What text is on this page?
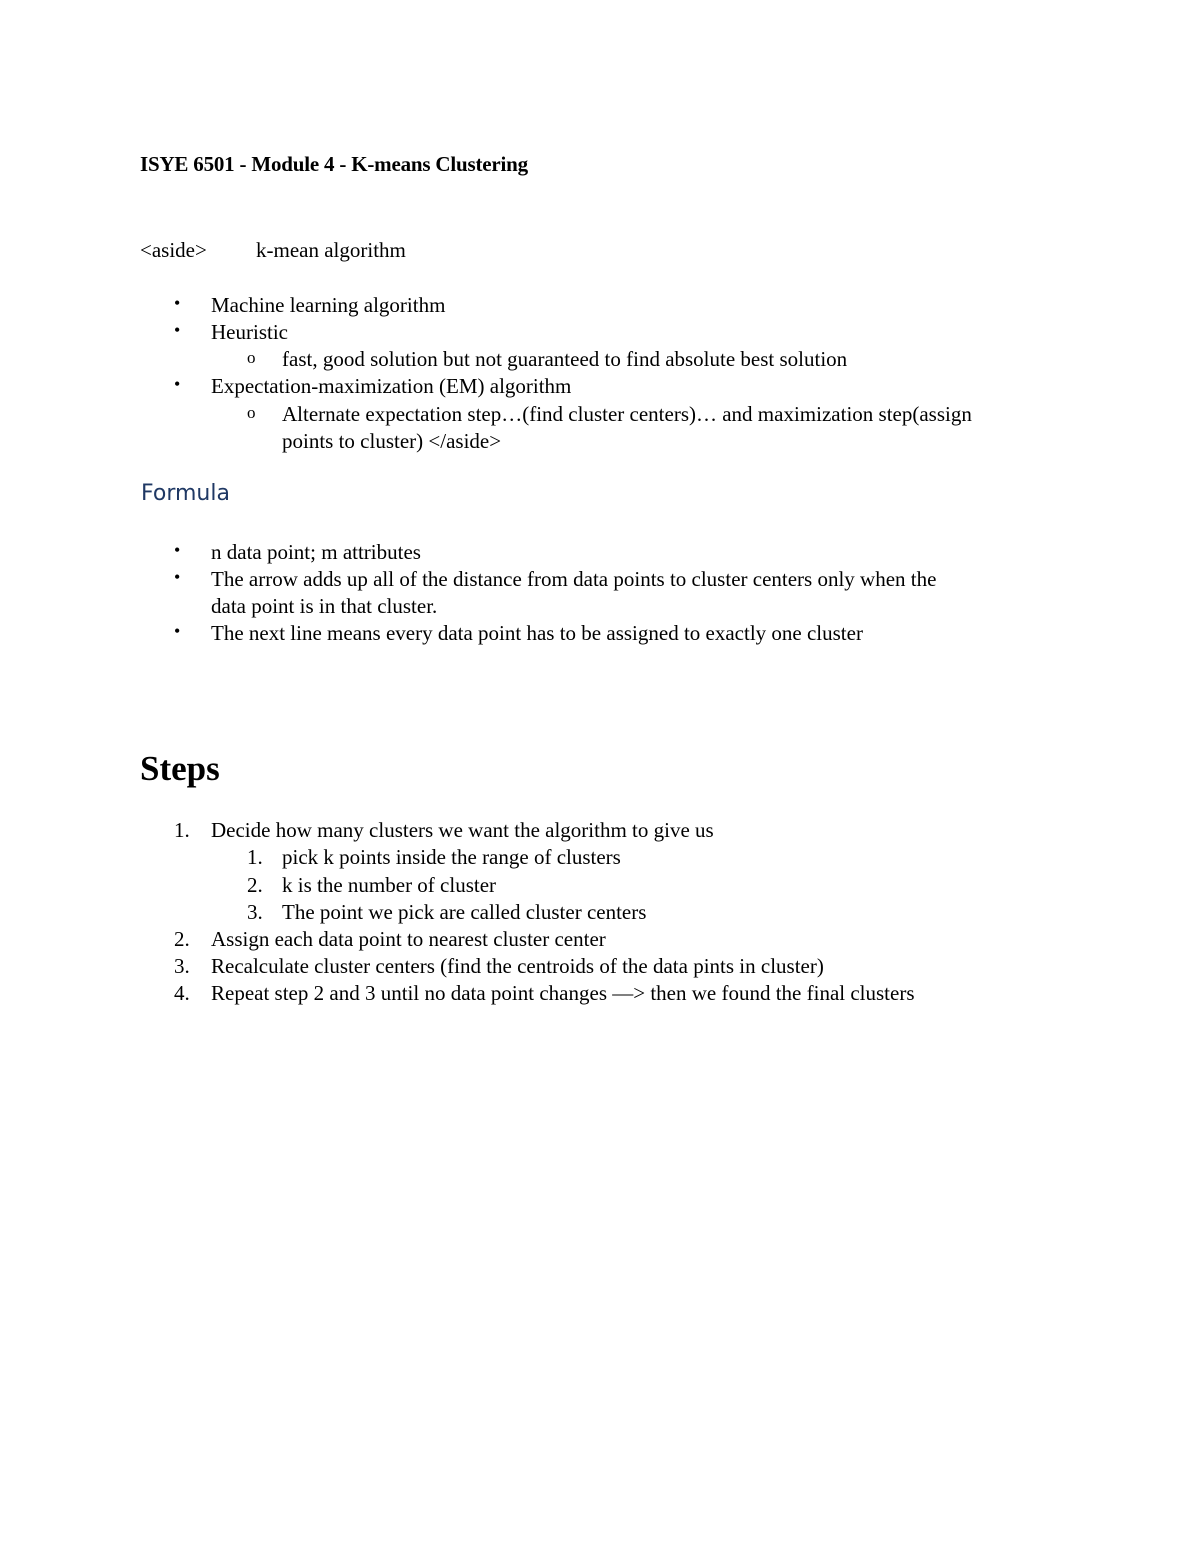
ISYE 6501 - Module 4 - K-means Clustering
<aside> k-mean algorithm
• Machine learning algorithm
• Heuristic
o fast, good solution but not guaranteed to find absolute best solution
• Expectation-maximization (EM) algorithm
o Alternate expectation step…(find cluster centers)… and maximization step(assign
points to cluster) </aside>
Formula
• n data point; m attributes
• The arrow adds up all of the distance from data points to cluster centers only when the
data point is in that cluster.
• The next line means every data point has to be assigned to exactly one cluster
Steps
1. Decide how many clusters we want the algorithm to give us
1. pick k points inside the range of clusters
2. k is the number of cluster
3. The point we pick are called cluster centers
2. Assign each data point to nearest cluster center
3. Recalculate cluster centers (find the centroids of the data pints in cluster)
4. Repeat step 2 and 3 until no data point changes —> then we found the final clusters
